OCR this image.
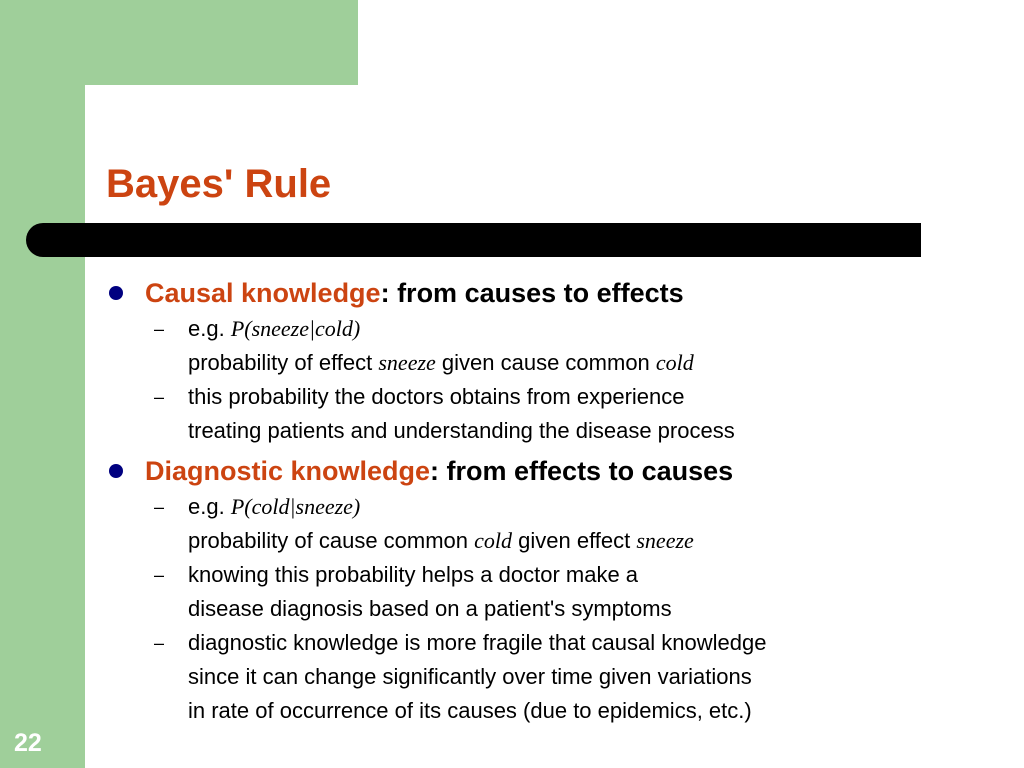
Bayes' Rule
Causal knowledge: from causes to effects
– e.g. P(sneeze|cold)
probability of effect sneeze given cause common cold
– this probability the doctors obtains from experience
treating patients and understanding the disease process
Diagnostic knowledge: from effects to causes
– e.g. P(cold|sneeze)
probability of cause common cold given effect sneeze
– knowing this probability helps a doctor make a
disease diagnosis based on a patient's symptoms
– diagnostic knowledge is more fragile that causal knowledge
since it can change significantly over time given variations
in rate of occurrence of its causes (due to epidemics, etc.)
22
